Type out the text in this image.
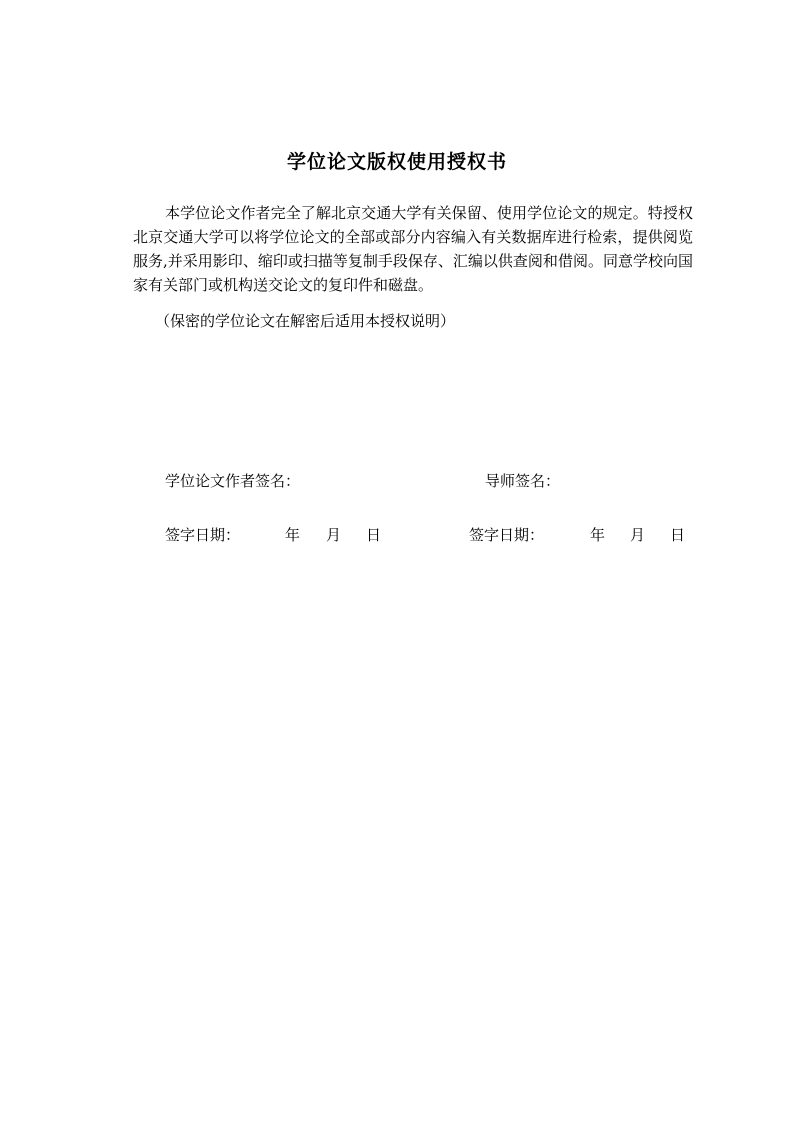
学位论文版权使用授权书

本学位论文作者完全了解北京交通大学有关保留、使用学位论文的规定。特授权北京交通大学可以将学位论文的全部或部分内容编入有关数据库进行检索，提供阅览服务,并采用影印、缩印或扫描等复制手段保存、汇编以供查阅和借阅。同意学校向国家有关部门或机构送交论文的复印件和磁盘。

（保密的学位论文在解密后适用本授权说明）
学位论文作者签名：	导师签名：
签字日期：	年 月 日	签字日期：	年 月 日
